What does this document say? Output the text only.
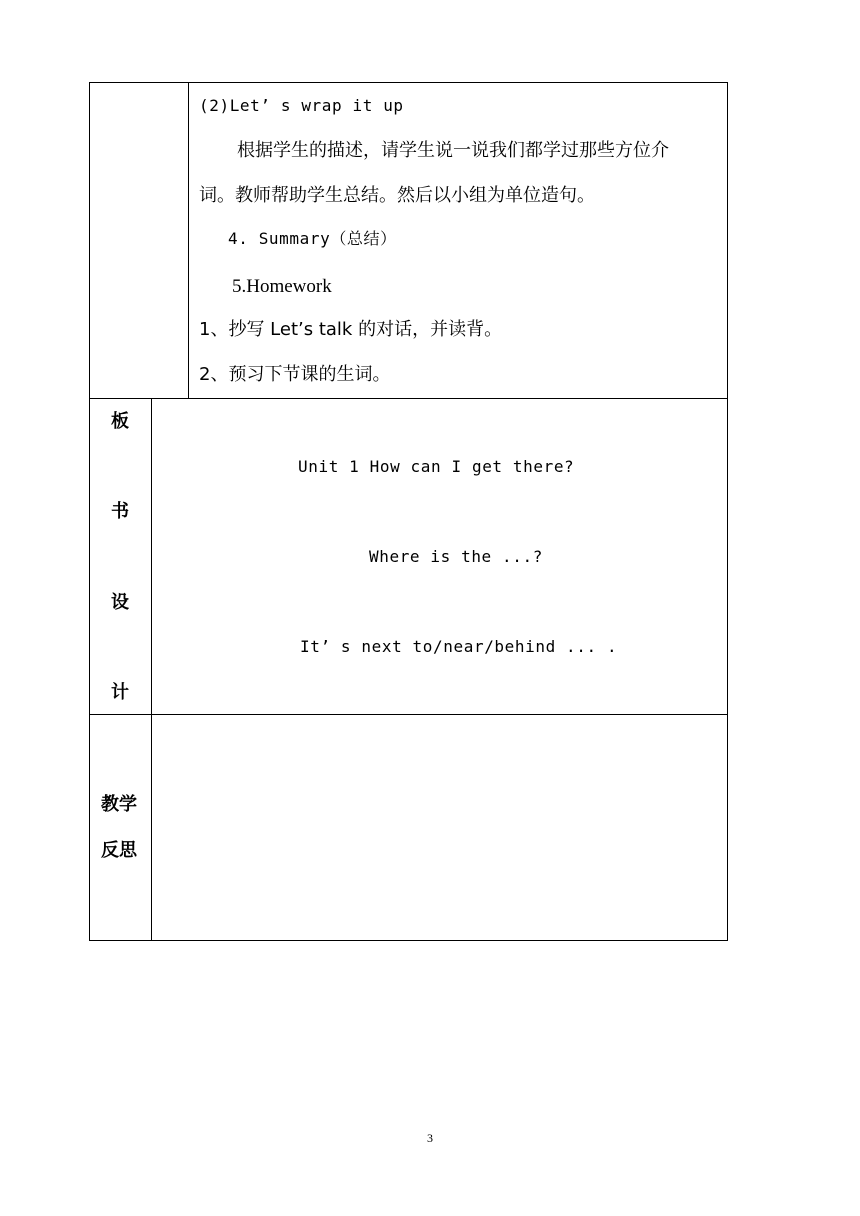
(2)Let’ s wrap it up
根据学生的描述，请学生说一说我们都学过那些方位介
词。教师帮助学生总结。然后以小组为单位造句。
4. Summary（总结）
5.Homework
1、抄写 Let’s talk 的对话，并读背。
2、预习下节课的生词。
板
书
设
计
Unit 1 How can I get there?
Where is the ...?
It’ s next to/near/behind ... .
教学
反思
3
